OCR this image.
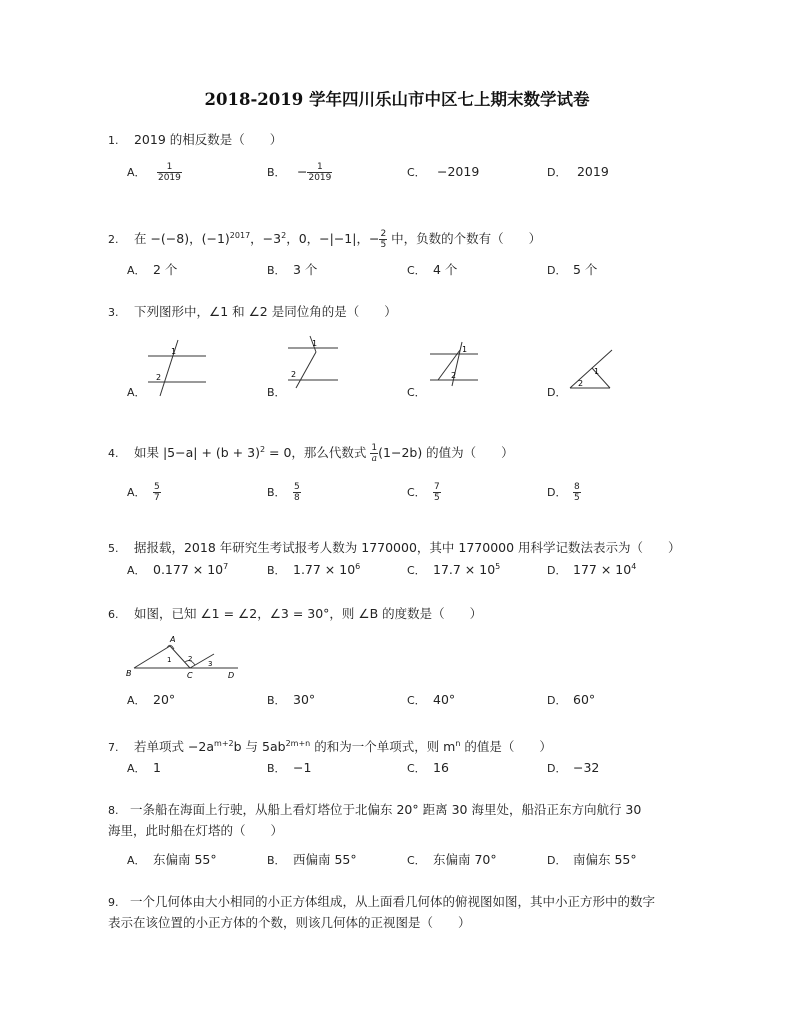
2018-2019 学年四川乐山市中区七上期末数学试卷
1. 2019 的相反数是（　　）
A． $\frac{1}{2019}$	B． − $\frac{1}{2019}$	C． −2019	D． 2019
2. 在 −(−8)，$(-1)^{2017}$，$-3^2$，0，−|−1|，− $\frac{2}{5}$ 中，负数的个数有（　　）
A． 2 个	B． 3 个	C． 4 个	D． 5 个
3. 下列图形中，∠1 和 ∠2 是同位角的是（　　）
A．	B．	C．	D．
1
2
1
2
1
2	1
2
4. 如果 $|5-a| + (b + 3)^2 = 0$，那么代数式 $\frac{1}{a} (1-2b)$ 的值为（　　）
A． $\frac{5}{7}$	B． $\frac{5}{8}$	C． $\frac{7}{5}$	D． $\frac{8}{5}$
5. 据报载，2018 年研究生考试报考人数为 1770000，其中 1770000 用科学记数法表示为（　　）
A． $0.177 \times 10^7$	B． $1.77 \times 10^6$	C． $17.7 \times 10^5$	D． $177 \times 10^4$
6. 如图，已知 ∠1 = ∠2，∠3 = 30°，则 ∠B 的度数是（　　）
A
B	C	D
1 2
3
A． 20°	B． 30°	C． 40°	D． 60°
7. 若单项式 $-2a^{m+2}b$ 与 $5ab^{2m+n}$ 的和为一个单项式，则 $m^n$ 的值是（　　）
A． 1	B． −1	C． 16	D． −32
8. 一条船在海面上行驶，从船上看灯塔位于北偏东 20° 距离 30 海里处，船沿正东方向航行 30
海里，此时船在灯塔的（　　）
A． 东偏南 55°	B． 西偏南 55°	C． 东偏南 70°	D． 南偏东 55°
9. 一个几何体由大小相同的小正方体组成，从上面看几何体的俯视图如图，其中小正方形中的数字
表示在该位置的小正方体的个数，则该几何体的正视图是（　　）
